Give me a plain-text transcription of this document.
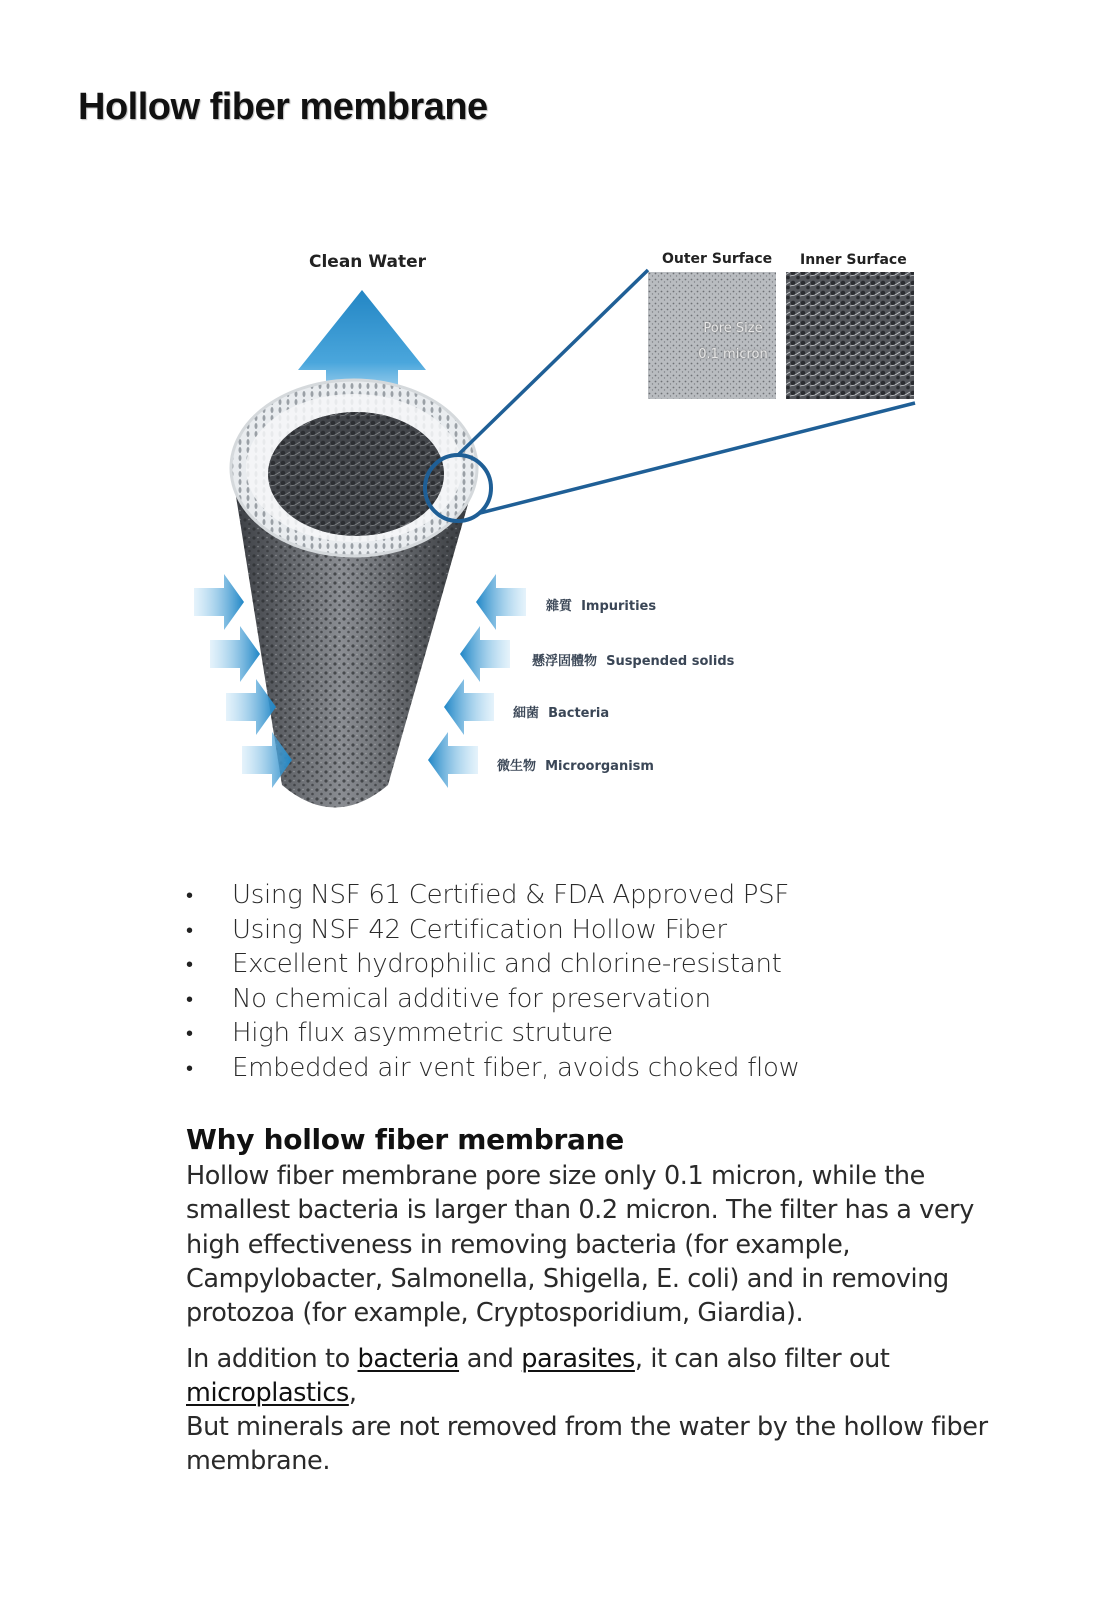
Hollow fiber membrane
Clean Water	Outer Surface Inner Surface
雜質 Impurities
懸浮固體物 Suspended solids
細菌 Bacteria
微生物 Microorganism
Pore Size
0.1 micron
• Using NSF 61 Certified & FDA Approved PSF
• Using NSF 42 Certification Hollow Fiber
• Excellent hydrophilic and chlorine-resistant
• No chemical additive for preservation
• High flux asymmetric struture
• Embedded air vent fiber, avoids choked flow
Why hollow fiber membrane

Hollow fiber membrane pore size only 0.1 micron, while the smallest bacteria is larger than 0.2 micron. The filter has a very high effectiveness in removing bacteria (for example, Campylobacter, Salmonella, Shigella, E. coli) and in removing protozoa (for example, Cryptosporidium, Giardia).

In addition to bacteria and parasites, it can also filter out microplastics,

But minerals are not removed from the water by the hollow fiber membrane.
